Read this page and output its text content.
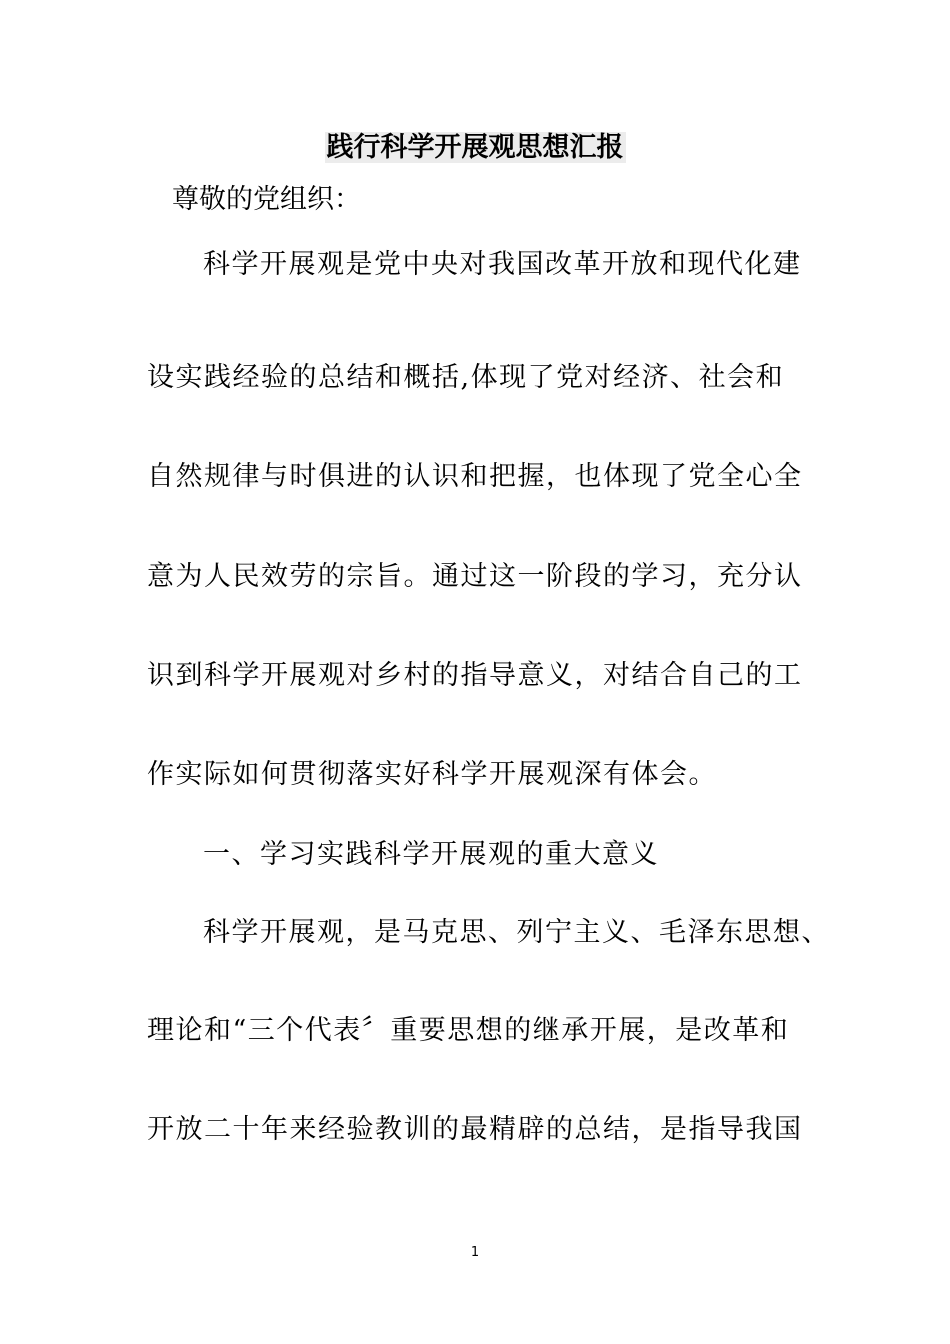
践行科学开展观思想汇报

尊敬的党组织：

科学开展观是党中央对我国改革开放和现代化建

设实践经验的总结和概括,体现了党对经济、社会和

自然规律与时俱进的认识和把握，也体现了党全心全

意为人民效劳的宗旨。通过这一阶段的学习，充分认

识到科学开展观对乡村的指导意义，对结合自己的工

作实际如何贯彻落实好科学开展观深有体会。

一、学习实践科学开展观的重大意义

科学开展观，是马克思、列宁主义、毛泽东思想、

理论和“三个代表〞重要思想的继承开展，是改革和

开放二十年来经验教训的最精辟的总结，是指导我国

1
